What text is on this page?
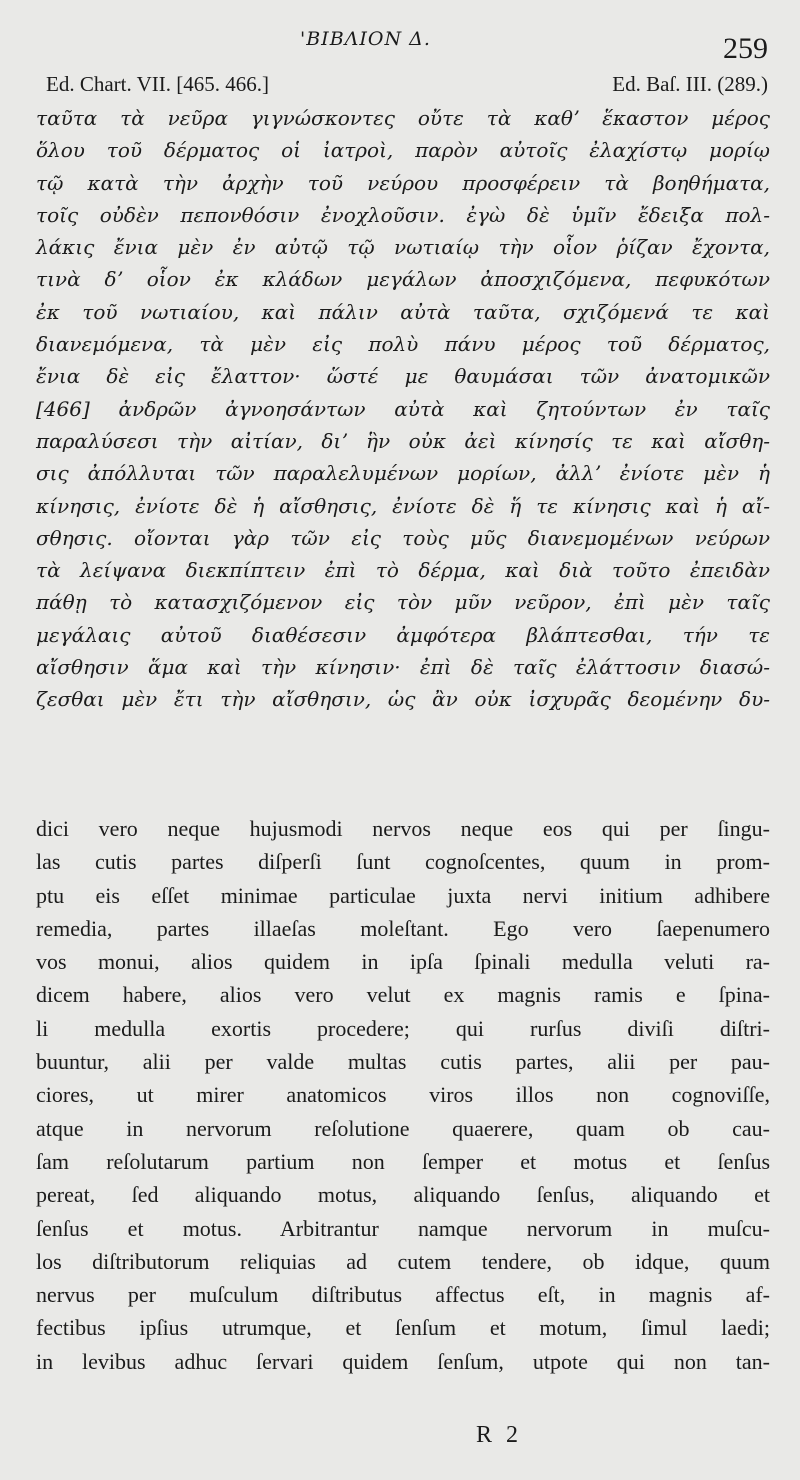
'ΒΙΒΛΙΟΝ Δ.	259
Ed. Chart. VII. [465. 466.]	Ed. Baſ. III. (289.)
ταῦτα τὰ νεῦρα γιγνώσκοντες οὔτε τὰ καθʼ ἕκαστον μέρος
ὅλου τοῦ δέρματος οἱ ἰατροὶ, παρὸν αὐτοῖς ἐλαχίστῳ μορίῳ
τῷ κατὰ τὴν ἀρχὴν τοῦ νεύρου προσφέρειν τὰ βοηθήματα,
τοῖς οὐδὲν πεπονθόσιν ἐνοχλοῦσιν. ἐγὼ δὲ ὑμῖν ἔδειξα πολ-
λάκις ἔνια μὲν ἐν αὐτῷ τῷ νωτιαίῳ τὴν οἷον ῥίζαν ἔχοντα,
τινὰ δʼ οἷον ἐκ κλάδων μεγάλων ἀποσχιζόμενα, πεφυκότων
ἐκ τοῦ νωτιαίου, καὶ πάλιν αὐτὰ ταῦτα, σχιζόμενά τε καὶ
διανεμόμενα, τὰ μὲν εἰς πολὺ πάνυ μέρος τοῦ δέρματος,
ἔνια δὲ εἰς ἔλαττον· ὥστέ με θαυμάσαι τῶν ἀνατομικῶν
[466] ἀνδρῶν ἀγνοησάντων αὐτὰ καὶ ζητούντων ἐν ταῖς
παραλύσεσι τὴν αἰτίαν, διʼ ἣν οὐκ ἀεὶ κίνησίς τε καὶ αἴσθη-
σις ἀπόλλυται τῶν παραλελυμένων μορίων, ἀλλʼ ἐνίοτε μὲν ἡ
κίνησις, ἐνίοτε δὲ ἡ αἴσθησις, ἐνίοτε δὲ ἥ τε κίνησις καὶ ἡ αἴ-
σθησις. οἴονται γὰρ τῶν εἰς τοὺς μῦς διανεμομένων νεύρων
τὰ λείψανα διεκπίπτειν ἐπὶ τὸ δέρμα, καὶ διὰ τοῦτο ἐπειδὰν
πάθῃ τὸ κατασχιζόμενον εἰς τὸν μῦν νεῦρον, ἐπὶ μὲν ταῖς
μεγάλαις αὐτοῦ διαθέσεσιν ἀμφότερα βλάπτεσθαι, τήν τε
αἴσθησιν ἅμα καὶ τὴν κίνησιν· ἐπὶ δὲ ταῖς ἐλάττοσιν διασώ-
ζεσθαι μὲν ἔτι τὴν αἴσθησιν, ὡς ἂν οὐκ ἰσχυρᾶς δεομένην δυ-
dici vero neque hujusmodi nervos neque eos qui per ſingu-
las cutis partes diſperſi ſunt cognoſcentes, quum in prom-
ptu eis eſſet minimae particulae juxta nervi initium adhibere
remedia, partes illaeſas moleſtant. Ego vero ſaepenumero
vos monui, alios quidem in ipſa ſpinali medulla veluti ra-
dicem habere, alios vero velut ex magnis ramis e ſpina-
li medulla exortis procedere; qui rurſus diviſi diſtri-
buuntur, alii per valde multas cutis partes, alii per pau-
ciores, ut mirer anatomicos viros illos non cognoviſſe,
atque in nervorum reſolutione quaerere, quam ob cau-
ſam reſolutarum partium non ſemper et motus et ſenſus
pereat, ſed aliquando motus, aliquando ſenſus, aliquando et
ſenſus et motus. Arbitrantur namque nervorum in muſcu-
los diſtributorum reliquias ad cutem tendere, ob idque, quum
nervus per muſculum diſtributus affectus eſt, in magnis af-
fectibus ipſius utrumque, et ſenſum et motum, ſimul laedi;
in levibus adhuc ſervari quidem ſenſum, utpote qui non tan-
R 2
